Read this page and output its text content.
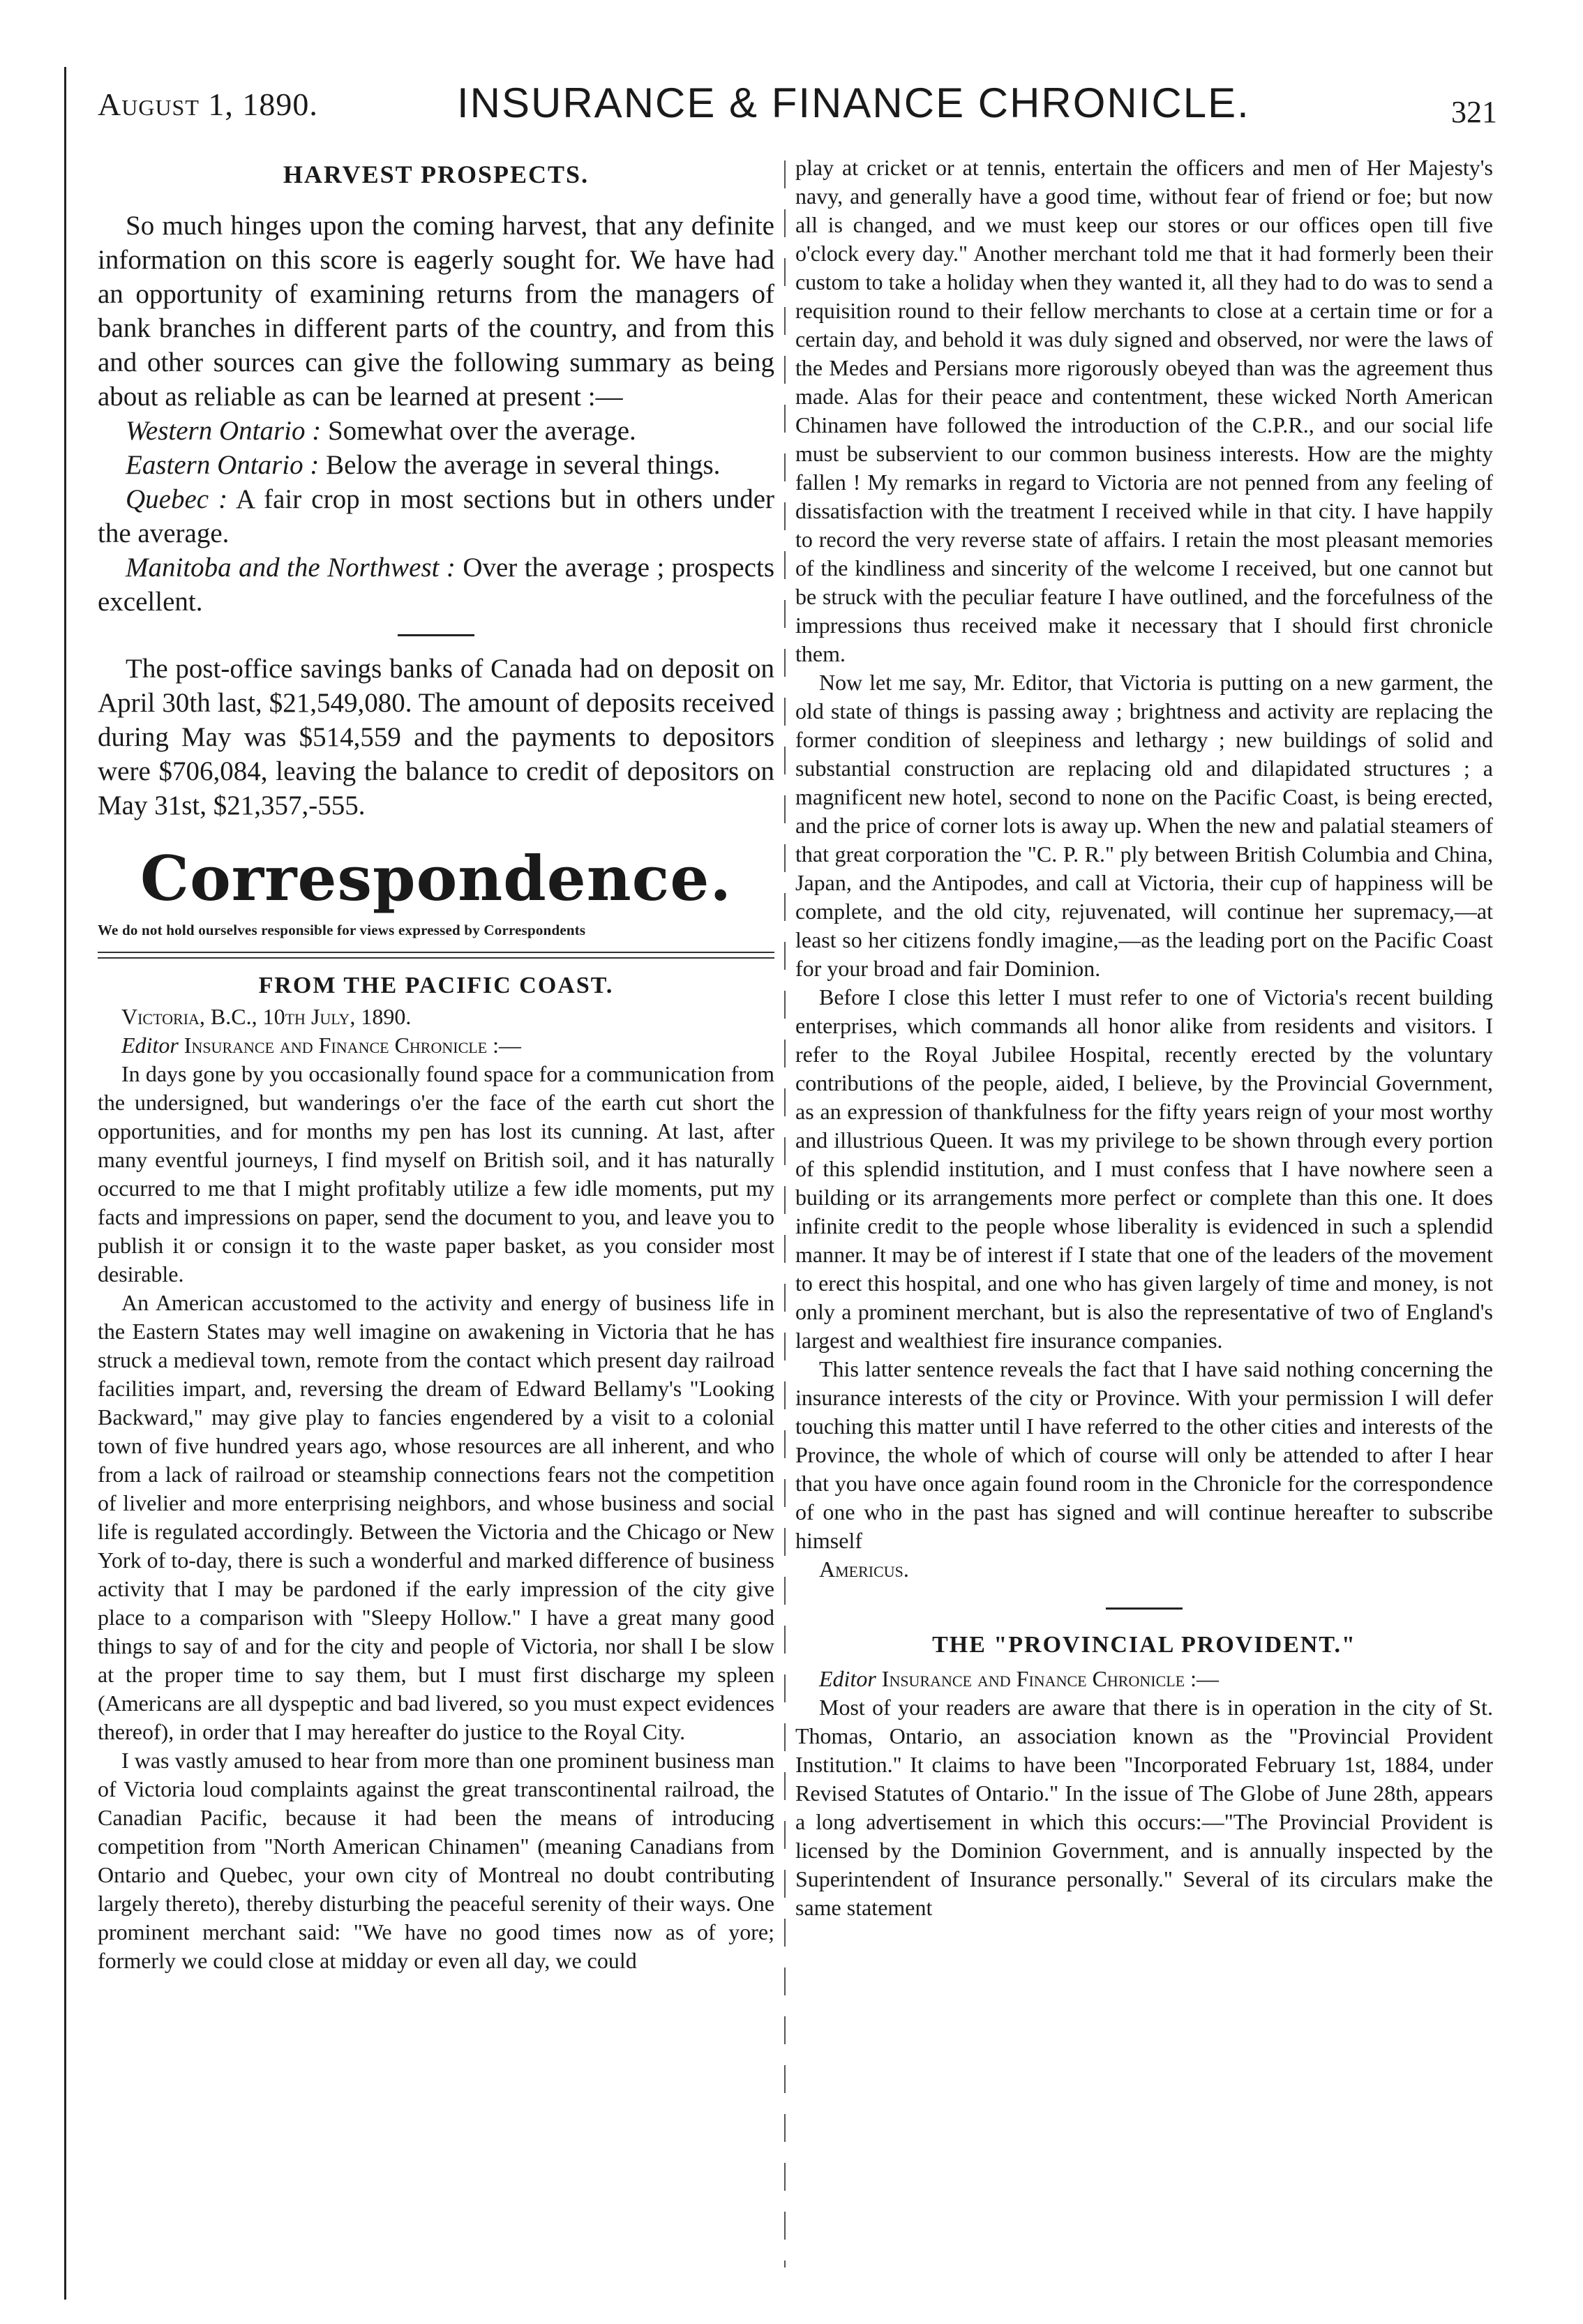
August 1, 1890.	INSURANCE & FINANCE CHRONICLE.	321
HARVEST PROSPECTS.

So much hinges upon the coming harvest, that any definite information on this score is eagerly sought for. We have had an opportunity of examining returns from the managers of bank branches in different parts of the country, and from this and other sources can give the following summary as being about as reliable as can be learned at present :—

Western Ontario : Somewhat over the average.

Eastern Ontario : Below the average in several things.

Quebec : A fair crop in most sections but in others under the average.

Manitoba and the Northwest : Over the average ; prospects excellent.

The post-office savings banks of Canada had on deposit on April 30th last, $21,549,080. The amount of deposits received during May was $514,559 and the payments to depositors were $706,084, leaving the balance to credit of depositors on May 31st, $21,357,-555.

Correspondence.

We do not hold ourselves responsible for views expressed by Correspondents

FROM THE PACIFIC COAST.

Victoria, B.C., 10th July, 1890.

Editor Insurance and Finance Chronicle :—

In days gone by you occasionally found space for a communication from the undersigned, but wanderings o'er the face of the earth cut short the opportunities, and for months my pen has lost its cunning. At last, after many eventful journeys, I find myself on British soil, and it has naturally occurred to me that I might profitably utilize a few idle moments, put my facts and impressions on paper, send the document to you, and leave you to publish it or consign it to the waste paper basket, as you consider most desirable.

An American accustomed to the activity and energy of business life in the Eastern States may well imagine on awakening in Victoria that he has struck a medieval town, remote from the contact which present day railroad facilities impart, and, reversing the dream of Edward Bellamy's "Looking Backward," may give play to fancies engendered by a visit to a colonial town of five hundred years ago, whose resources are all inherent, and who from a lack of railroad or steamship connections fears not the competition of livelier and more enterprising neighbors, and whose business and social life is regulated accordingly. Between the Victoria and the Chicago or New York of to-day, there is such a wonderful and marked difference of business activity that I may be pardoned if the early impression of the city give place to a comparison with "Sleepy Hollow." I have a great many good things to say of and for the city and people of Victoria, nor shall I be slow at the proper time to say them, but I must first discharge my spleen (Americans are all dyspeptic and bad livered, so you must expect evidences thereof), in order that I may hereafter do justice to the Royal City.

I was vastly amused to hear from more than one prominent business man of Victoria loud complaints against the great transcontinental railroad, the Canadian Pacific, because it had been the means of introducing competition from "North American Chinamen" (meaning Canadians from Ontario and Quebec, your own city of Montreal no doubt contributing largely thereto), thereby disturbing the peaceful serenity of their ways. One prominent merchant said: "We have no good times now as of yore; formerly we could close at midday or even all day, we could

play at cricket or at tennis, entertain the officers and men of Her Majesty's navy, and generally have a good time, without fear of friend or foe; but now all is changed, and we must keep our stores or our offices open till five o'clock every day." Another merchant told me that it had formerly been their custom to take a holiday when they wanted it, all they had to do was to send a requisition round to their fellow merchants to close at a certain time or for a certain day, and behold it was duly signed and observed, nor were the laws of the Medes and Persians more rigorously obeyed than was the agreement thus made. Alas for their peace and contentment, these wicked North American Chinamen have followed the introduction of the C.P.R., and our social life must be subservient to our common business interests. How are the mighty fallen ! My remarks in regard to Victoria are not penned from any feeling of dissatisfaction with the treatment I received while in that city. I have happily to record the very reverse state of affairs. I retain the most pleasant memories of the kindliness and sincerity of the welcome I received, but one cannot but be struck with the peculiar feature I have outlined, and the forcefulness of the impressions thus received make it necessary that I should first chronicle them.

Now let me say, Mr. Editor, that Victoria is putting on a new garment, the old state of things is passing away ; brightness and activity are replacing the former condition of sleepiness and lethargy ; new buildings of solid and substantial construction are replacing old and dilapidated structures ; a magnificent new hotel, second to none on the Pacific Coast, is being erected, and the price of corner lots is away up. When the new and palatial steamers of that great corporation the "C. P. R." ply between British Columbia and China, Japan, and the Antipodes, and call at Victoria, their cup of happiness will be complete, and the old city, rejuvenated, will continue her supremacy,—at least so her citizens fondly imagine,—as the leading port on the Pacific Coast for your broad and fair Dominion.

Before I close this letter I must refer to one of Victoria's recent building enterprises, which commands all honor alike from residents and visitors. I refer to the Royal Jubilee Hospital, recently erected by the voluntary contributions of the people, aided, I believe, by the Provincial Government, as an expression of thankfulness for the fifty years reign of your most worthy and illustrious Queen. It was my privilege to be shown through every portion of this splendid institution, and I must confess that I have nowhere seen a building or its arrangements more perfect or complete than this one. It does infinite credit to the people whose liberality is evidenced in such a splendid manner. It may be of interest if I state that one of the leaders of the movement to erect this hospital, and one who has given largely of time and money, is not only a prominent merchant, but is also the representative of two of England's largest and wealthiest fire insurance companies.

This latter sentence reveals the fact that I have said nothing concerning the insurance interests of the city or Province. With your permission I will defer touching this matter until I have referred to the other cities and interests of the Province, the whole of which of course will only be attended to after I hear that you have once again found room in the Chronicle for the correspondence of one who in the past has signed and will continue hereafter to subscribe himself

Americus.

THE "PROVINCIAL PROVIDENT."

Editor Insurance and Finance Chronicle :—

Most of your readers are aware that there is in operation in the city of St. Thomas, Ontario, an association known as the "Provincial Provident Institution." It claims to have been "Incorporated February 1st, 1884, under Revised Statutes of Ontario." In the issue of The Globe of June 28th, appears a long advertisement in which this occurs:—"The Provincial Provident is licensed by the Dominion Government, and is annually inspected by the Superintendent of Insurance personally." Several of its circulars make the same statement
